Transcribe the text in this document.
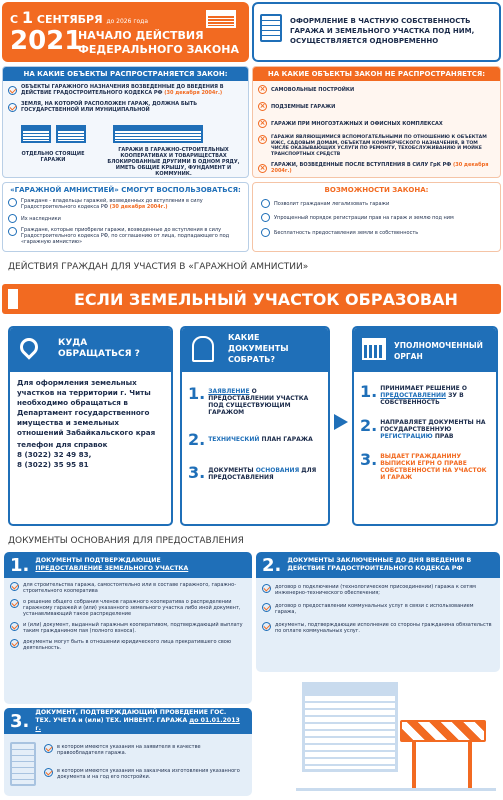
С 1 СЕНТЯБРЯ до 2026 года
2021
НАЧАЛО ДЕЙСТВИЯ
ФЕДЕРАЛЬНОГО ЗАКОНА
ОФОРМЛЕНИЕ В ЧАСТНУЮ СОБСТВЕННОСТЬ
ГАРАЖА И ЗЕМЕЛЬНОГО УЧАСТКА ПОД НИМ,
ОСУЩЕСТВЛЯЕТСЯ ОДНОВРЕМЕННО
НА КАКИЕ ОБЪЕКТЫ РАСПРОСТРАНЯЕТСЯ ЗАКОН:
ОБЪЕКТЫ ГАРАЖНОГО НАЗНАЧЕНИЯ ВОЗВЕДЕННЫЕ ДО ВВЕДЕНИЯ В ДЕЙСТВИЕ ГРАДОСТРОИТЕЛЬНОГО КОДЕКСА РФ (30 декабря 2004г.)
ЗЕМЛЯ, НА КОТОРОЙ РАСПОЛОЖЕН ГАРАЖ, ДОЛЖНА БЫТЬ ГОСУДАРСТВЕННОЙ ИЛИ МУНИЦИПАЛЬНОЙ

ОТДЕЛЬНО СТОЯЩИЕ ГАРАЖИ
ГАРАЖИ В ГАРАЖНО-СТРОИТЕЛЬНЫХ КООПЕРАТИВАХ И ТОВАРИЩЕСТВАХ БЛОКИРОВАННЫЕ ДРУГИМИ В ОДНОМ РЯДУ, ИМЕТЬ ОБЩИЕ КРЫШУ, ФУНДАМЕНТ И КОММУНИК.
НА КАКИЕ ОБЪЕКТЫ ЗАКОН НЕ РАСПРОСТРАНЯЕТСЯ:
×	САМОВОЛЬНЫЕ ПОСТРОЙКИ
×	ПОДЗЕМНЫЕ ГАРАЖИ
×	ГАРАЖИ ПРИ МНОГОЭТАЖНЫХ И ОФИСНЫХ КОМПЛЕКСАХ
×	ГАРАЖИ ЯВЛЯЮЩИМИСЯ ВСПОМОГАТЕЛЬНЫМИ ПО ОТНОШЕНИЮ К ОБЪЕКТАМ ИЖС, САДОВЫМ ДОМАМ, ОБЪЕКТАМ КОММЕРЧЕСКОГО НАЗНАЧЕНИЯ, В ТОМ ЧИСЛЕ ОКАЗЫВАЮЩИХ УСЛУГИ ПО РЕМОНТУ, ТЕХОБСЛУЖИВАНИЮ И МОЙКЕ ТРАНСПОРТНЫХ СРЕДСТВ
×	ГАРАЖИ, ВОЗВЕДЕННЫЕ ПОСЛЕ ВСТУПЛЕНИЯ В СИЛУ ГрК РФ (30 декабря 2004г.)
«ГАРАЖНОЙ АМНИСТИЕЙ» СМОГУТ ВОСПОЛЬЗОВАТЬСЯ:
Граждане - владельцы гаражей, возведенных до вступления в силу Градостроительного кодекса РФ (30 декабря 2004г.)
Их наследники
Граждане, которые приобрели гаражи, возведенные до вступления в силу Градостроительного кодекса РФ, по соглашению от лица, подпадающего под «гаражную амнистию»
ВОЗМОЖНОСТИ ЗАКОНА:
Позволит гражданам легализовать гаражи
Упрощенный порядок регистрации прав на гараж и землю под ним
Бесплатность предоставления земли в собственность
ДЕЙСТВИЯ ГРАЖДАН ДЛЯ УЧАСТИЯ В «ГАРАЖНОЙ АМНИСТИИ»
ЕСЛИ ЗЕМЕЛЬНЫЙ УЧАСТОК ОБРАЗОВАН
КУДА
ОБРАЩАТЬСЯ ?
Для оформления земельных участков на территории г. Читы необходимо обращаться в Департамент государственного имущества и земельных отношений Забайкальского края
телефон для справок
8 (3022) 32 49 83,
8 (3022) 35 95 81
КАКИЕ
ДОКУМЕНТЫ
СОБРАТЬ?
1. ЗАЯВЛЕНИЕ О ПРЕДОСТАВЛЕНИИ УЧАСТКА ПОД СУЩЕСТВУЮЩИМ ГАРАЖОМ
2. ТЕХНИЧЕСКИЙ ПЛАН ГАРАЖА
3. ДОКУМЕНТЫ ОСНОВАНИЯ ДЛЯ ПРЕДОСТАВЛЕНИЯ
УПОЛНОМОЧЕННЫЙ
ОРГАН
1. ПРИНИМАЕТ РЕШЕНИЕ О ПРЕДОСТАВЛЕНИИ ЗУ В СОБСТВЕННОСТЬ
2. НАПРАВЛЯЕТ ДОКУМЕНТЫ НА ГОСУДАРСТВЕННУЮ РЕГИСТРАЦИЮ ПРАВ
3. ВЫДАЕТ ГРАЖДАНИНУ ВЫПИСКИ ЕГРН О ПРАВЕ СОБСТВЕННОСТИ НА УЧАСТОК И ГАРАЖ
ДОКУМЕНТЫ ОСНОВАНИЯ ДЛЯ ПРЕДОСТАВЛЕНИЯ
1. ДОКУМЕНТЫ ПОДТВЕРЖДАЮЩИЕ
ПРЕДОСТАВЛЕНИЕ ЗЕМЕЛЬНОГО УЧАСТКА
для строительства гаража, самостоятельно или в составе гаражного, гаражно-строительного кооператива
о решение общего собрания членов гаражного кооператива о распределении гаражному гаражей и (или) указанного земельного участка либо иной документ, устанавливающий такое распределение
и (или) документ, выданный гаражным кооперативом, подтверждающий выплату таким гражданином пая (полного взноса).
документы могут быть в отношении юридического лица прекратившего свою деятельность.
2. ДОКУМЕНТЫ ЗАКЛЮЧЕННЫЕ ДО ДНЯ ВВЕДЕНИЯ В
ДЕЙСТВИЕ ГРАДОСТРОИТЕЛЬНОГО КОДЕКСА РФ
договор о подключении (технологическом присоединении) гаража к сетям инженерно-технического обеспечения;
договор о предоставлении коммунальных услуг в связи с использованием гаража,
документы, подтверждающие исполнение со стороны гражданина обязательств по оплате коммунальных услуг.
3. ДОКУМЕНТ, ПОДТВЕРЖДАЮЩИЙ ПРОВЕДЕНИЕ ГОС.
ТЕХ. УЧЕТА и (или) ТЕХ. ИНВЕНТ. ГАРАЖА до 01.01.2013 г.
в котором имеются указания на заявителя в качестве правообладателя гаража.
в котором имеются указания на заказчика изготовления указанного документа и на год его постройки.
